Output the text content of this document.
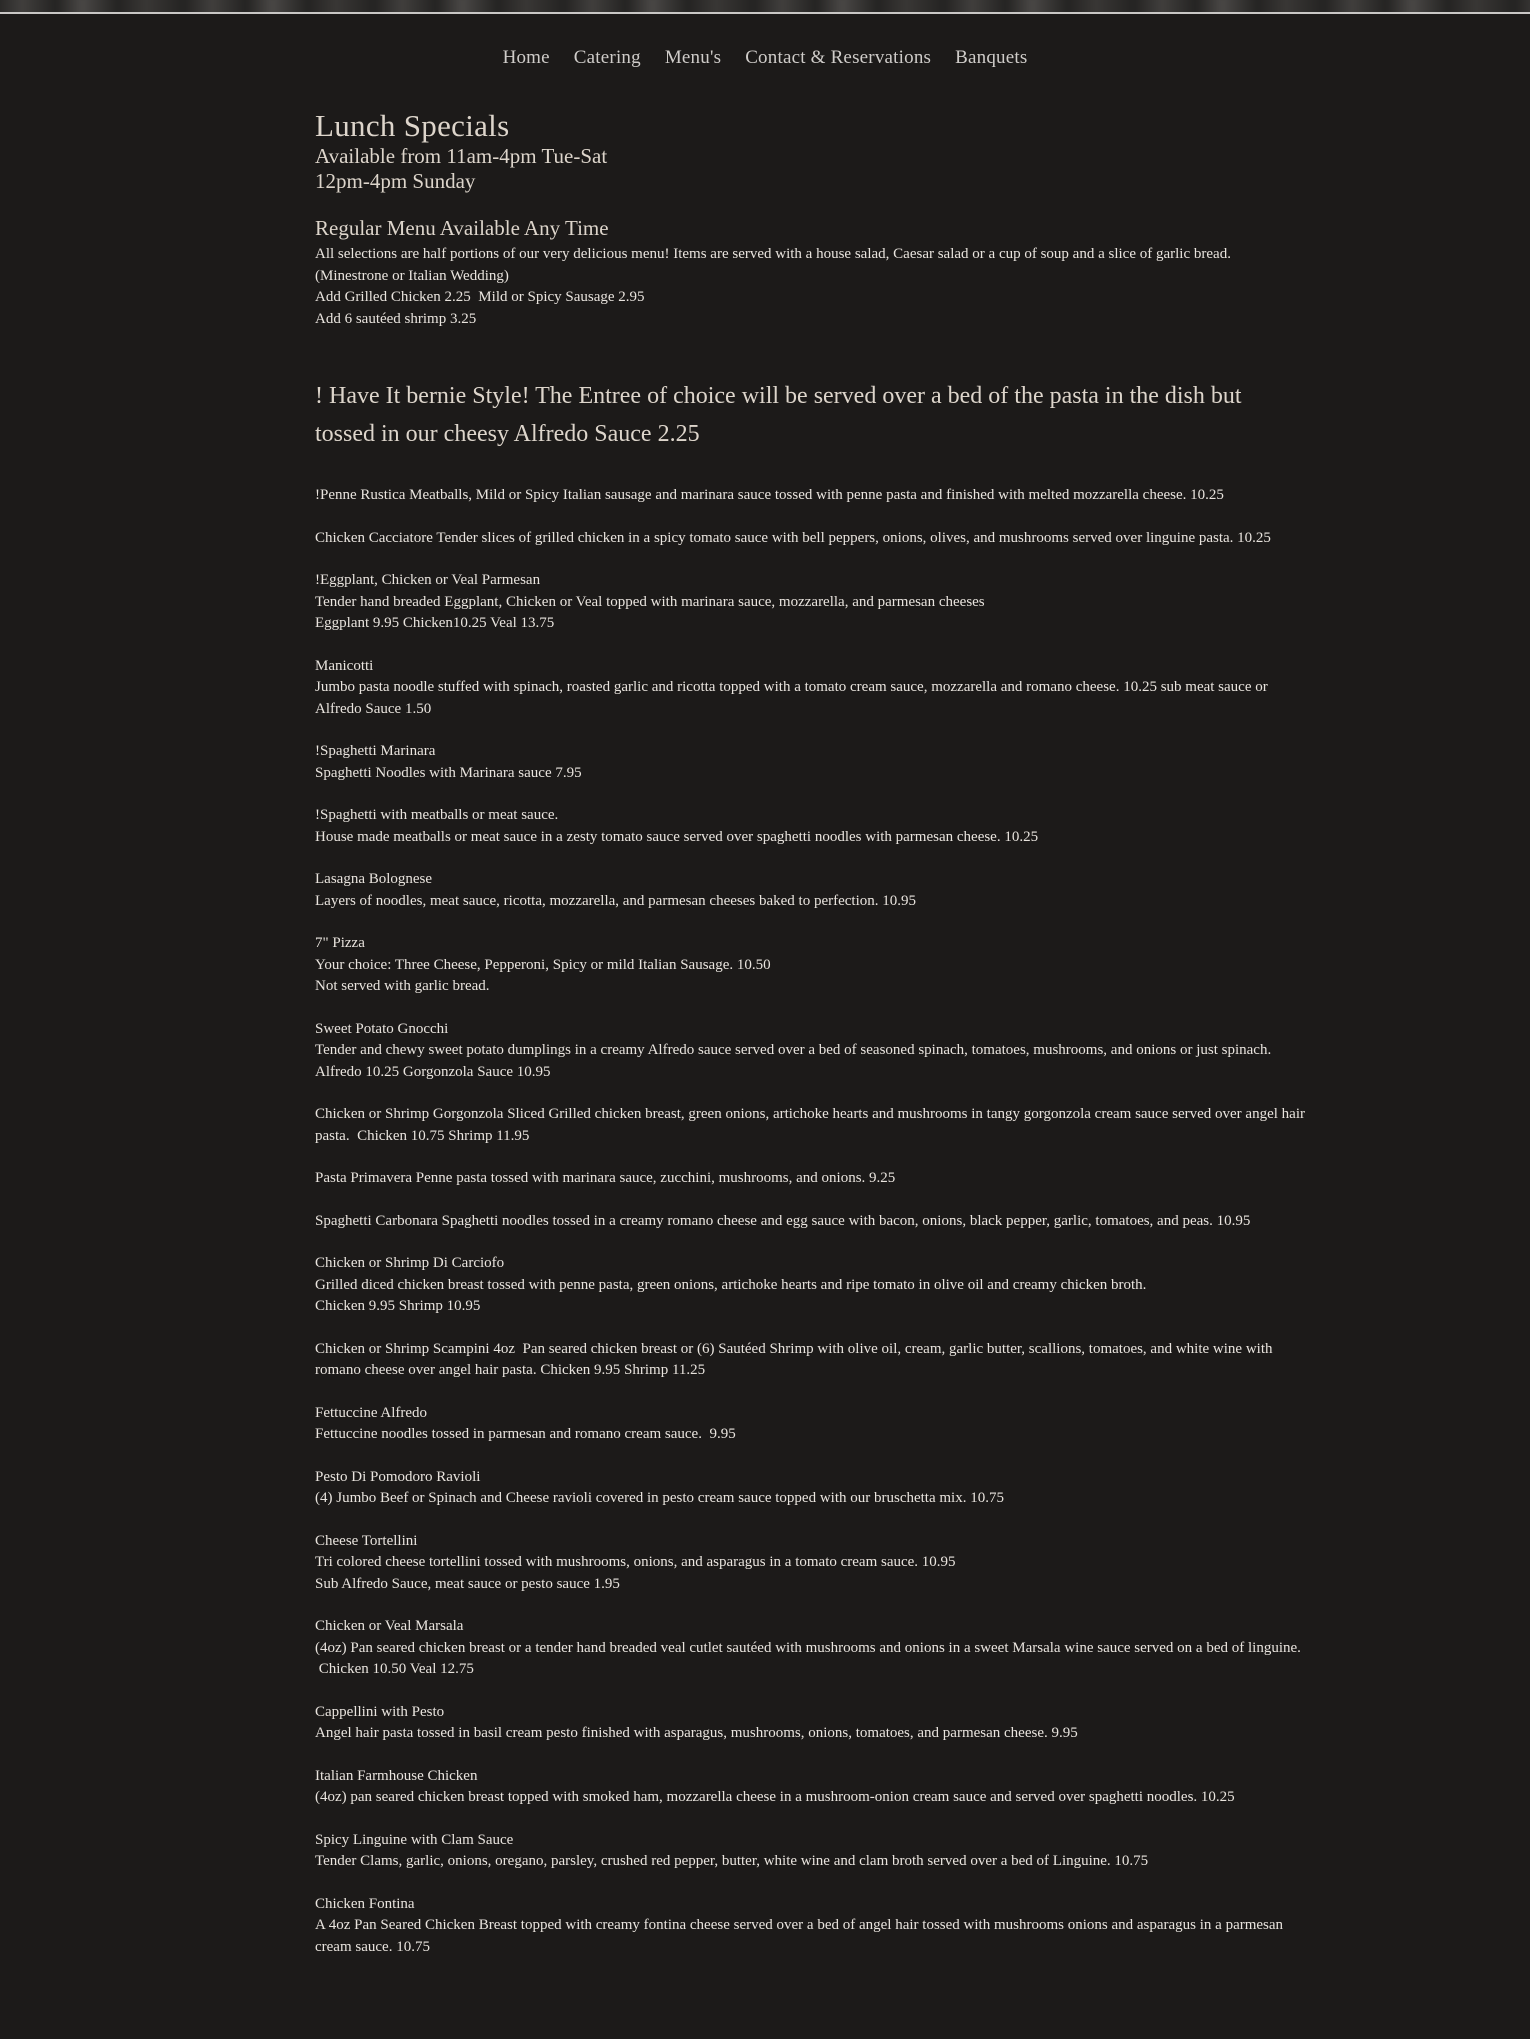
Home Catering Menu's Contact & Reservations Banquets
Lunch Specials
Available from 11am-4pm Tue-Sat
12pm-4pm Sunday
Regular Menu Available Any Time
All selections are half portions of our very delicious menu! Items are served with a house salad, Caesar salad or a cup of soup and a slice of garlic bread.
(Minestrone or Italian Wedding)
Add Grilled Chicken 2.25  Mild or Spicy Sausage 2.95
Add 6 sautéed shrimp 3.25
! Have It bernie Style! The Entree of choice will be served over a bed of the pasta in the dish but tossed in our cheesy Alfredo Sauce 2.25

!Penne Rustica Meatballs, Mild or Spicy Italian sausage and marinara sauce tossed with penne pasta and finished with melted mozzarella cheese. 10.25

Chicken Cacciatore Tender slices of grilled chicken in a spicy tomato sauce with bell peppers, onions, olives, and mushrooms served over linguine pasta. 10.25

!Eggplant, Chicken or Veal Parmesan
Tender hand breaded Eggplant, Chicken or Veal topped with marinara sauce, mozzarella, and parmesan cheeses
Eggplant 9.95 Chicken10.25 Veal 13.75

Manicotti
Jumbo pasta noodle stuffed with spinach, roasted garlic and ricotta topped with a tomato cream sauce, mozzarella and romano cheese. 10.25 sub meat sauce or Alfredo Sauce 1.50

!Spaghetti Marinara
Spaghetti Noodles with Marinara sauce 7.95

!Spaghetti with meatballs or meat sauce.
House made meatballs or meat sauce in a zesty tomato sauce served over spaghetti noodles with parmesan cheese. 10.25

Lasagna Bolognese
Layers of noodles, meat sauce, ricotta, mozzarella, and parmesan cheeses baked to perfection. 10.95

7" Pizza
Your choice: Three Cheese, Pepperoni, Spicy or mild Italian Sausage. 10.50
Not served with garlic bread.

Sweet Potato Gnocchi
Tender and chewy sweet potato dumplings in a creamy Alfredo sauce served over a bed of seasoned spinach, tomatoes, mushrooms, and onions or just spinach.
Alfredo 10.25 Gorgonzola Sauce 10.95

Chicken or Shrimp Gorgonzola Sliced Grilled chicken breast, green onions, artichoke hearts and mushrooms in tangy gorgonzola cream sauce served over angel hair pasta.  Chicken 10.75 Shrimp 11.95

Pasta Primavera Penne pasta tossed with marinara sauce, zucchini, mushrooms, and onions. 9.25

Spaghetti Carbonara Spaghetti noodles tossed in a creamy romano cheese and egg sauce with bacon, onions, black pepper, garlic, tomatoes, and peas. 10.95

Chicken or Shrimp Di Carciofo
Grilled diced chicken breast tossed with penne pasta, green onions, artichoke hearts and ripe tomato in olive oil and creamy chicken broth.
Chicken 9.95 Shrimp 10.95

Chicken or Shrimp Scampini 4oz  Pan seared chicken breast or (6) Sautéed Shrimp with olive oil, cream, garlic butter, scallions, tomatoes, and white wine with romano cheese over angel hair pasta. Chicken 9.95 Shrimp 11.25

Fettuccine Alfredo
Fettuccine noodles tossed in parmesan and romano cream sauce.  9.95

Pesto Di Pomodoro Ravioli
(4) Jumbo Beef or Spinach and Cheese ravioli covered in pesto cream sauce topped with our bruschetta mix. 10.75

Cheese Tortellini
Tri colored cheese tortellini tossed with mushrooms, onions, and asparagus in a tomato cream sauce. 10.95
Sub Alfredo Sauce, meat sauce or pesto sauce 1.95

Chicken or Veal Marsala
(4oz) Pan seared chicken breast or a tender hand breaded veal cutlet sautéed with mushrooms and onions in a sweet Marsala wine sauce served on a bed of linguine.
Chicken 10.50 Veal 12.75

Cappellini with Pesto
Angel hair pasta tossed in basil cream pesto finished with asparagus, mushrooms, onions, tomatoes, and parmesan cheese. 9.95

Italian Farmhouse Chicken
(4oz) pan seared chicken breast topped with smoked ham, mozzarella cheese in a mushroom-onion cream sauce and served over spaghetti noodles. 10.25

Spicy Linguine with Clam Sauce
Tender Clams, garlic, onions, oregano, parsley, crushed red pepper, butter, white wine and clam broth served over a bed of Linguine. 10.75

Chicken Fontina
A 4oz Pan Seared Chicken Breast topped with creamy fontina cheese served over a bed of angel hair tossed with mushrooms onions and asparagus in a parmesan cream sauce. 10.75
